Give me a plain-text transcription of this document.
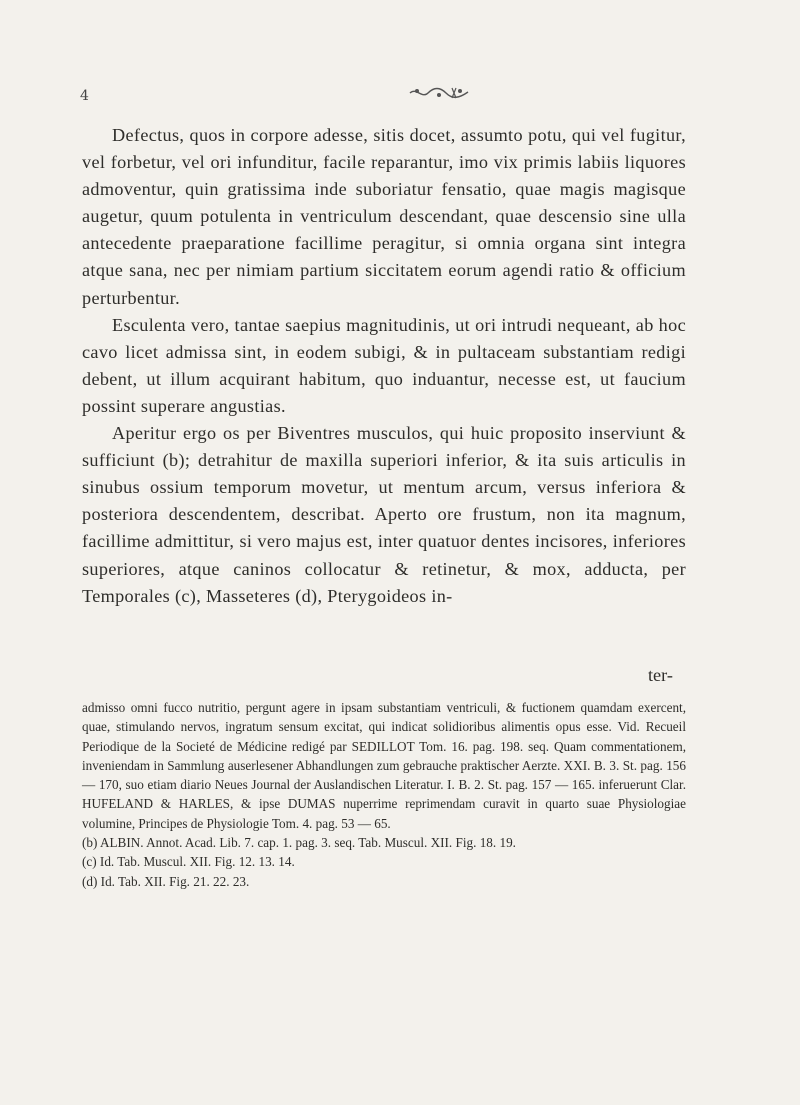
4

Defectus, quos in corpore adesse, sitis docet, assumto potu, qui vel fugitur, vel forbetur, vel ori infunditur, facile reparantur, imo vix primis labiis liquores admoventur, quin gratissima inde suboriatur fensatio, quae magis magisque augetur, quum potulenta in ventriculum descendant, quae descensio sine ulla antecedente praeparatione facillime peragitur, si omnia organa sint integra atque sana, nec per nimiam partium siccitatem eorum agendi ratio & officium perturbentur.

Esculenta vero, tantae saepius magnitudinis, ut ori intrudi nequeant, ab hoc cavo licet admissa sint, in eodem subigi, & in pultaceam substantiam redigi debent, ut illum acquirant habitum, quo induantur, necesse est, ut faucium possint superare angustias.

Aperitur ergo os per Biventres musculos, qui huic proposito inserviunt & sufficiunt (b); detrahitur de maxilla superiori inferior, & ita suis articulis in sinubus ossium temporum movetur, ut mentum arcum, versus inferiora & posteriora descendentem, describat. Aperto ore frustum, non ita magnum, facillime admittitur, si vero majus est, inter quatuor dentes incisores, inferiores superiores, atque caninos collocatur & retinetur, & mox, adducta, per Temporales (c), Masseteres (d), Pterygoideos in-

ter-

admisso omni fucco nutritio, pergunt agere in ipsam substantiam ventriculi, & fuctionem quamdam exercent, quae, stimulando nervos, ingratum sensum excitat, qui indicat solidioribus alimentis opus esse. Vid. Recueil Periodique de la Societé de Médicine redigé par SEDILLOT Tom. 16. pag. 198. seq. Quam commentationem, inveniendam in Sammlung auserlesener Abhandlungen zum gebrauche praktischer Aerzte. XXI. B. 3. St. pag. 156 — 170, suo etiam diario Neues Journal der Auslandischen Literatur. I. B. 2. St. pag. 157 — 165. inferuerunt Clar. HUFELAND & HARLES, & ipse DUMAS nuperrime reprimendam curavit in quarto suae Physiologiae volumine, Principes de Physiologie Tom. 4. pag. 53 — 65.

(b) ALBIN. Annot. Acad. Lib. 7. cap. 1. pag. 3. seq. Tab. Muscul. XII. Fig. 18. 19.
(c) Id. Tab. Muscul. XII. Fig. 12. 13. 14.
(d) Id. Tab. XII. Fig. 21. 22. 23.
